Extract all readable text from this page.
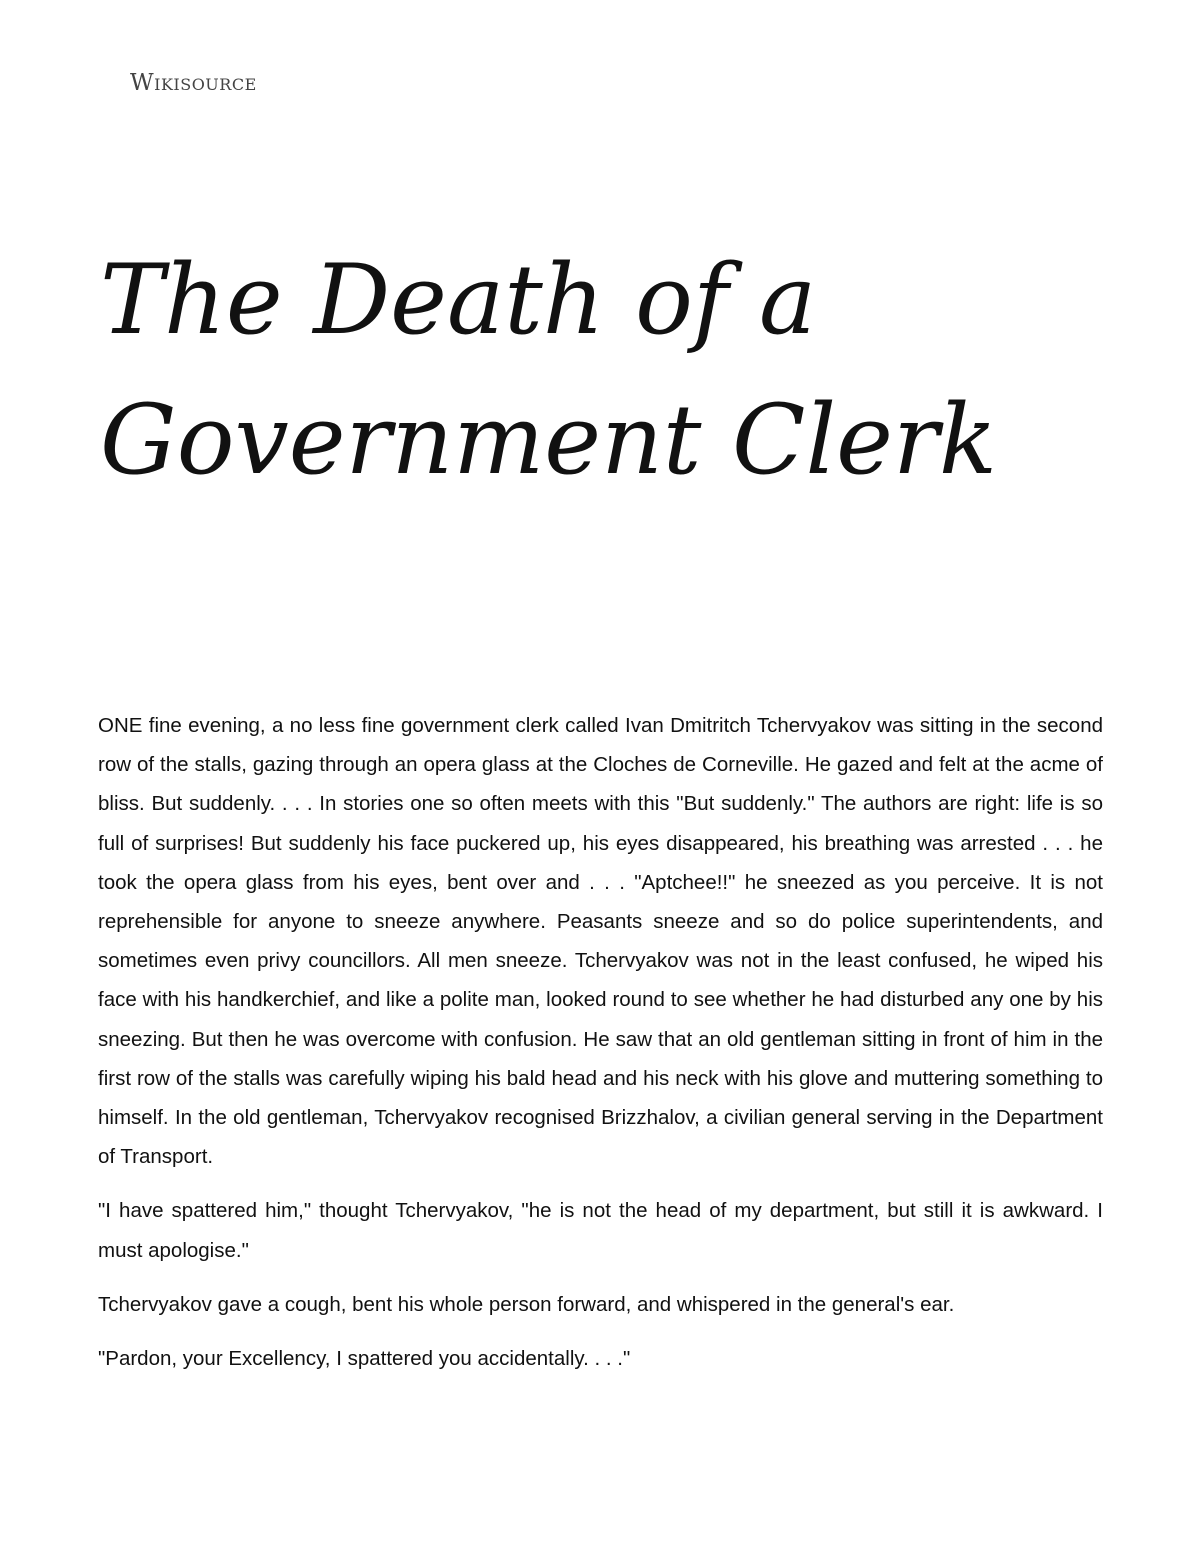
Wikisource
The Death of a
Government Clerk

ONE fine evening, a no less fine government clerk called Ivan Dmitritch Tchervyakov was sitting in the second row of the stalls, gazing through an opera glass at the Cloches de Corneville. He gazed and felt at the acme of bliss. But suddenly. . . . In stories one so often meets with this "But suddenly." The authors are right: life is so full of surprises! But suddenly his face puckered up, his eyes disappeared, his breathing was arrested . . . he took the opera glass from his eyes, bent over and . . . "Aptchee!!" he sneezed as you perceive. It is not reprehensible for anyone to sneeze anywhere. Peasants sneeze and so do police superintendents, and sometimes even privy councillors. All men sneeze. Tchervyakov was not in the least confused, he wiped his face with his handkerchief, and like a polite man, looked round to see whether he had disturbed any one by his sneezing. But then he was overcome with confusion. He saw that an old gentleman sitting in front of him in the first row of the stalls was carefully wiping his bald head and his neck with his glove and muttering something to himself. In the old gentleman, Tchervyakov recognised Brizzhalov, a civilian general serving in the Department of Transport.

"I have spattered him," thought Tchervyakov, "he is not the head of my department, but still it is awkward. I must apologise."

Tchervyakov gave a cough, bent his whole person forward, and whispered in the general's ear.

"Pardon, your Excellency, I spattered you accidentally. . . ."
